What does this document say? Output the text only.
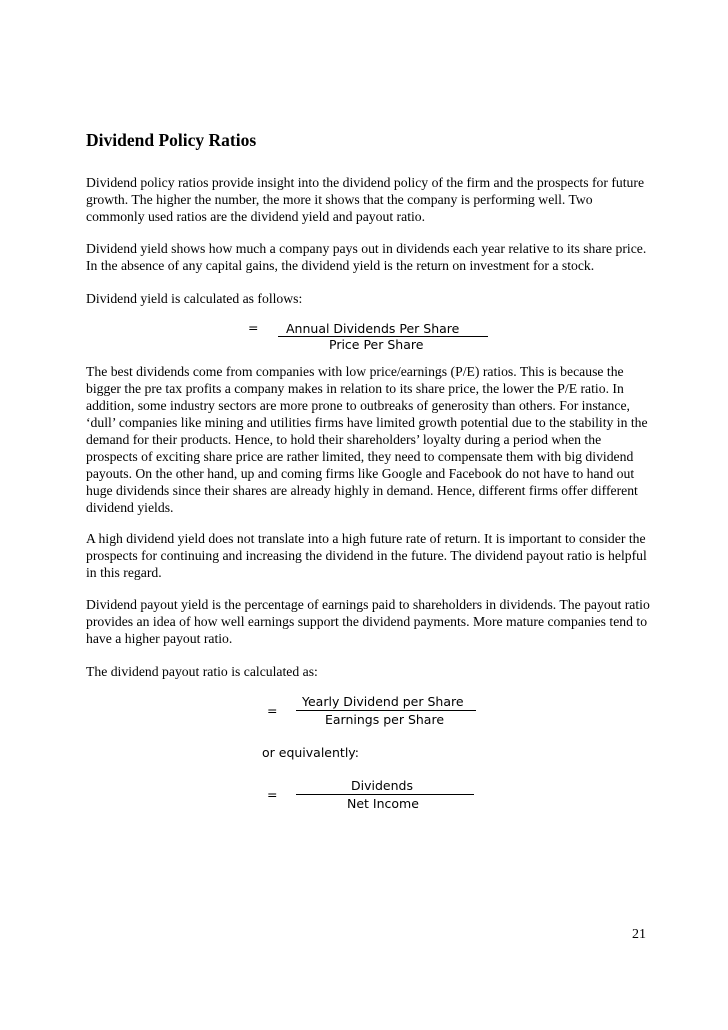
Dividend Policy Ratios

Dividend policy ratios provide insight into the dividend policy of the firm and the prospects for future growth. The higher the number, the more it shows that the company is performing well. Two commonly used ratios are the dividend yield and payout ratio.

Dividend yield shows how much a company pays out in dividends each year relative to its share price. In the absence of any capital gains, the dividend yield is the return on investment for a stock.

Dividend yield is calculated as follows:

= Annual Dividends Per Share
Price Per Share

The best dividends come from companies with low price/earnings (P/E) ratios. This is because the bigger the pre tax profits a company makes in relation to its share price, the lower the P/E ratio. In addition, some industry sectors are more prone to outbreaks of generosity than others. For instance, ‘dull’ companies like mining and utilities firms have limited growth potential due to the stability in the demand for their products. Hence, to hold their shareholders’ loyalty during a period when the prospects of exciting share price are rather limited, they need to compensate them with big dividend payouts. On the other hand, up and coming firms like Google and Facebook do not have to hand out huge dividends since their shares are already highly in demand. Hence, different firms offer different dividend yields.

A high dividend yield does not translate into a high future rate of return. It is important to consider the prospects for continuing and increasing the dividend in the future. The dividend payout ratio is helpful in this regard.

Dividend payout yield is the percentage of earnings paid to shareholders in dividends. The payout ratio provides an idea of how well earnings support the dividend payments. More mature companies tend to have a higher payout ratio.

The dividend payout ratio is calculated as:

=
Yearly Dividend per Share
Earnings per Share
or equivalently:
=
Dividends
Net Income
21
